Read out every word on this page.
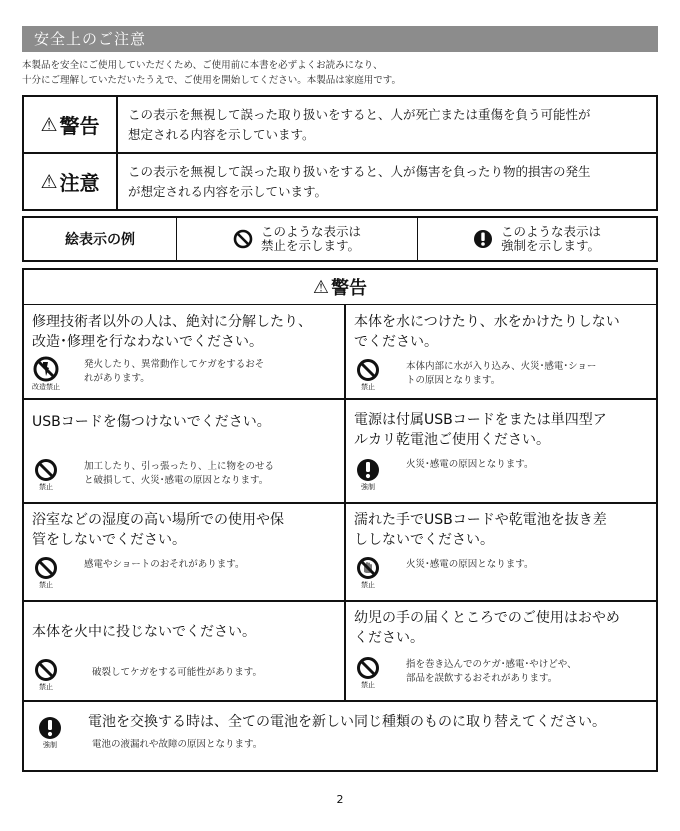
安全上のご注意
本製品を安全にご使用していただくため、ご使用前に本書を必ずよくお読みになり、
十分にご理解していただいたうえで、ご使用を開始してください。本製品は家庭用です。
⚠ 警告 この表示を無視して誤った取り扱いをすると、人が死亡または重傷を負う可能性が
想定される内容を示しています。
⚠ 注意 この表示を無視して誤った取り扱いをすると、人が傷害を負ったり物的損害の発生
が想定される内容を示しています。
絵表示の例
このような表示は
禁止を示します。
このような表示は
強制を示します。
⚠ 警告
修理技術者以外の人は、絶対に分解したり、
改造･修理を行なわないでください。
改造禁止
発火したり、異常動作してケガをするおそ
れがあります。
本体を水につけたり、水をかけたりしない
でください。
禁止
本体内部に水が入り込み、火災･感電･ショー
トの原因となります。
USBコードを傷つけないでください。
禁止
加工したり、引っ張ったり、上に物をのせる
と破損して、火災･感電の原因となります。
電源は付属USBコードをまたは単四型ア
ルカリ乾電池ご使用ください。
強制
火災･感電の原因となります。
浴室などの湿度の高い場所での使用や保
管をしないでください。
禁止
感電やショートのおそれがあります。
濡れた手でUSBコードや乾電池を抜き差
ししないでください。
禁止
火災･感電の原因となります。
本体を火中に投じないでください。
禁止
破裂してケガをする可能性があります。
幼児の手の届くところでのご使用はおやめ
ください。
禁止
指を巻き込んでのケガ･感電･やけどや、
部品を誤飲するおそれがあります。
強制
電池を交換する時は、全ての電池を新しい同じ種類のものに取り替えてください。
電池の液漏れや故障の原因となります。
2
